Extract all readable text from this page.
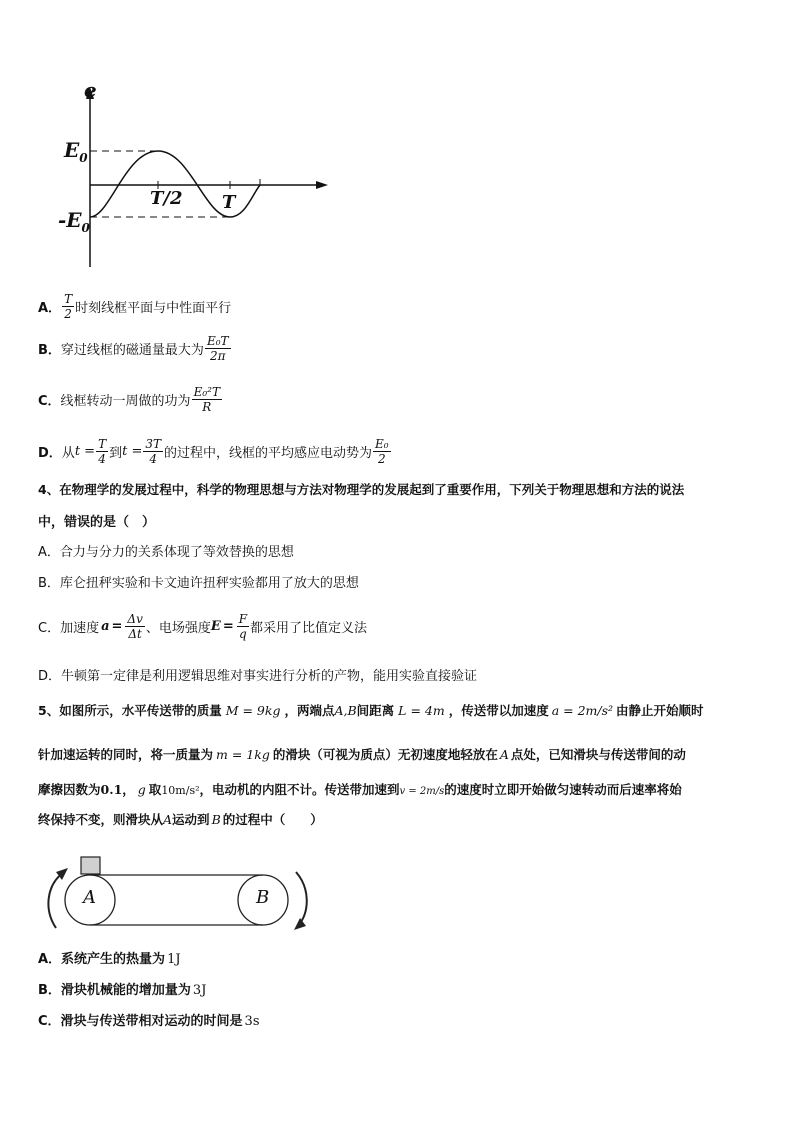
e
$E_0$
$-E_0$
T/2 T
A． $\frac{T}{2}$ 时刻线框平面与中性面平行
B． 穿过线框的磁通量最大为 $\frac{\text{E₀T}}{2\pi}$
C． 线框转动一周做的功为 $\frac{\text{E₀²T}}{R}$
D． 从 $t = \frac{T}{4}$ 到 $t = \frac{3T}{4}$ 的过程中，线框的平均感应电动势为 $\frac{\text{E₀}}{2}$
4、在物理学的发展过程中，科学的物理思想与方法对物理学的发展起到了重要作用，下列关于物理思想和方法的说法
中，错误的是（　）
A．合力与分力的关系体现了等效替换的思想
B．库仑扭秤实验和卡文迪许扭秤实验都用了放大的思想
C．加速度 $a = \frac{\Delta v}{\Delta t}$ 、电场强度 $E = \frac{F}{q}$ 都采用了比值定义法
D．牛顿第一定律是利用逻辑思维对事实进行分析的产物，能用实验直接验证
5、如图所示，水平传送带的质量 M = 9kg ，两端点A,B间距离 L = 4m ，传送带以加速度 a = 2m/s² 由静止开始顺时
针加速运转的同时，将一质量为 m = 1kg 的滑块（可视为质点）无初速度地轻放在 A 点处，已知滑块与传送带间的动
摩擦因数为0.1， g 取10m/s²，电动机的内阻不计。传送带加速到v = 2m/s的速度时立即开始做匀速转动而后速率将始
终保持不变，则滑块从A运动到 B 的过程中（　　）
A	B
A．系统产生的热量为 1J
B．滑块机械能的增加量为 3J
C．滑块与传送带相对运动的时间是 3s
